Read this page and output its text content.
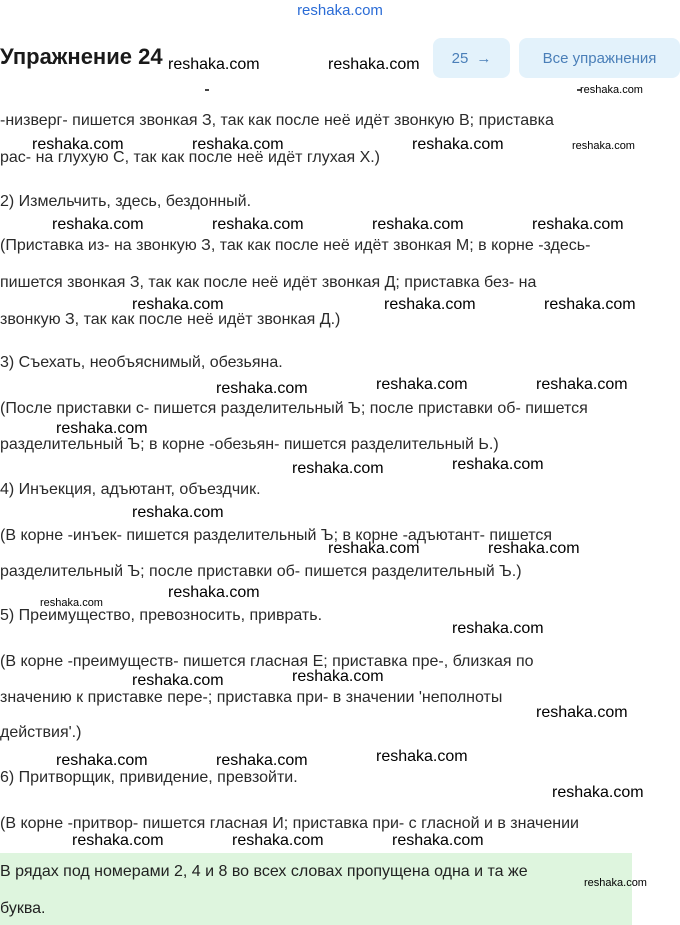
reshaka.com
Упражнение 24	25 →	Все упражнения
-низверг- пишется звонкая З, так как после неё идёт звонкую В; приставка
рас- на глухую С, так как после неё идёт глухая Х.)
2) Измельчить, здесь, бездонный.
(Приставка из- на звонкую З, так как после неё идёт звонкая М; в корне -здесь-
пишется звонкая З, так как после неё идёт звонкая Д; приставка без- на
звонкую З, так как после неё идёт звонкая Д.)
3) Съехать, необъяснимый, обезьяна.
(После приставки с- пишется разделительный Ъ; после приставки об- пишется
разделительный Ъ; в корне -обезьян- пишется разделительный Ь.)
4) Инъекция, адъютант, объездчик.
(В корне -инъек- пишется разделительный Ъ; в корне -адъютант- пишется
разделительный Ъ; после приставки об- пишется разделительный Ъ.)
5) Преимущество, превозносить, приврать.
(В корне -преимуществ- пишется гласная Е; приставка пре-, близкая по
значению к приставке пере-; приставка при- в значении 'неполноты
действия'.)
6) Притворщик, привидение, превзойти.
(В корне -притвор- пишется гласная И; приставка при- с гласной и в значении
В рядах под номерами 2, 4 и 8 во всех словах пропущена одна и та же
буква.
reshaka.com	reshaka.com
reshaka.com
reshaka.com	reshaka.com	reshaka.com	reshaka.com
reshaka.com	reshaka.com	reshaka.com	reshaka.com
reshaka.com	reshaka.com	reshaka.com
reshaka.com	reshaka.com	reshaka.com
reshaka.com
reshaka.com	reshaka.com
reshaka.com
reshaka.com	reshaka.com
reshaka.com
reshaka.com
reshaka.com
reshaka.com	reshaka.com
reshaka.com
reshaka.com	reshaka.com	reshaka.com
reshaka.com
reshaka.com	reshaka.com	reshaka.com
reshaka.com
